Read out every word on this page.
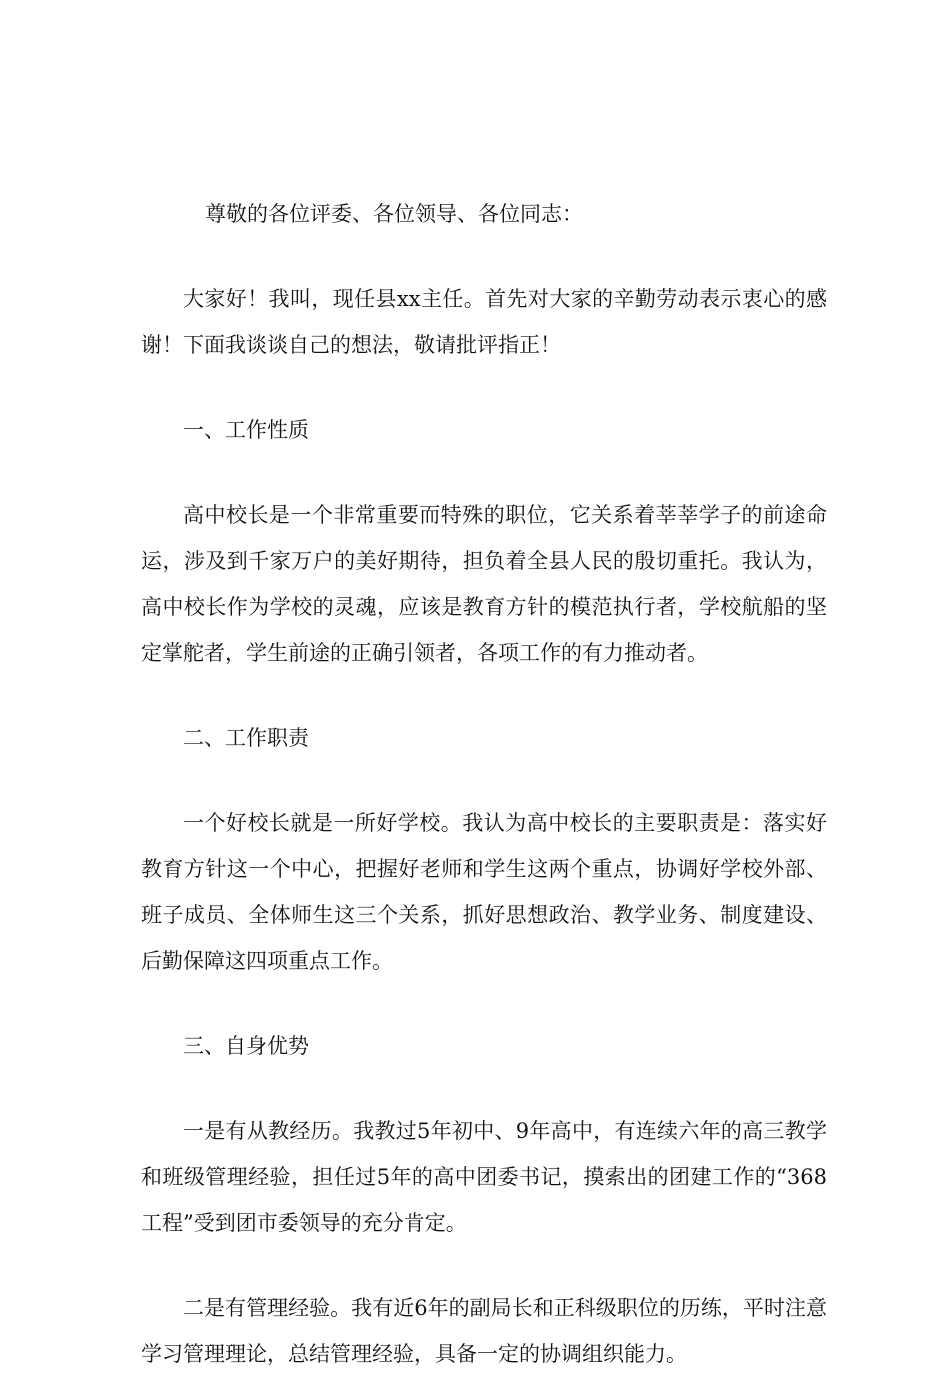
尊敬的各位评委、各位领导、各位同志：

大家好！我叫，现任县xx主任。首先对大家的辛勤劳动表示衷心的感谢！下面我谈谈自己的想法，敬请批评指正！

一、工作性质

高中校长是一个非常重要而特殊的职位，它关系着莘莘学子的前途命运，涉及到千家万户的美好期待，担负着全县人民的殷切重托。我认为，高中校长作为学校的灵魂，应该是教育方针的模范执行者，学校航船的坚定掌舵者，学生前途的正确引领者，各项工作的有力推动者。

二、工作职责

一个好校长就是一所好学校。我认为高中校长的主要职责是：落实好教育方针这一个中心，把握好老师和学生这两个重点，协调好学校外部、班子成员、全体师生这三个关系，抓好思想政治、教学业务、制度建设、后勤保障这四项重点工作。

三、自身优势

一是有从教经历。我教过5年初中、9年高中，有连续六年的高三教学和班级管理经验，担任过5年的高中团委书记，摸索出的团建工作的“368工程”受到团市委领导的充分肯定。

二是有管理经验。我有近6年的副局长和正科级职位的历练，平时注意学习管理理论，总结管理经验，具备一定的协调组织能力。
